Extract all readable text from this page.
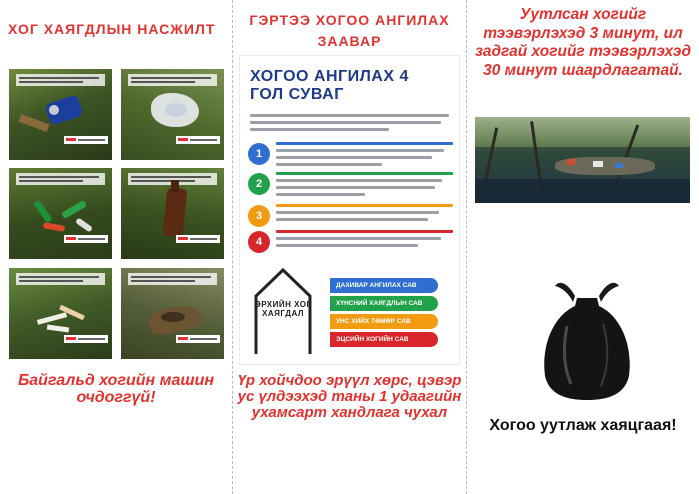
ХОГ ХАЯГДЛЫН НАСЖИЛТ

Байгальд хогийн машин очдоггүй!

ГЭРТЭЭ ХОГОО АНГИЛАХ ЗААВАР
ХОГОО АНГИЛАХ 4 ГОЛ СУВАГ
1
2
3
4
ӨРХИЙН ХОГ ХАЯГДАЛ
ДАХИВАР АНГИЛАХ САВ
ХҮНСНИЙ ХАЯГДЛЫН САВ
УНС ХИЙХ ТӨМӨР САВ
ЭЦСИЙН ХОГИЙН САВ

Үр хойчдоо эрүүл хөрс, цэвэр ус үлдээхэд таны 1 удаагийн ухамсарт хандлага чухал

Уутлсан хогийг тээвэрлэхэд 3 минут, ил задгай хогийг тээвэрлэхэд 30 минут шаардлагатай.

Хогоо уутлаж хаяцгаая!
